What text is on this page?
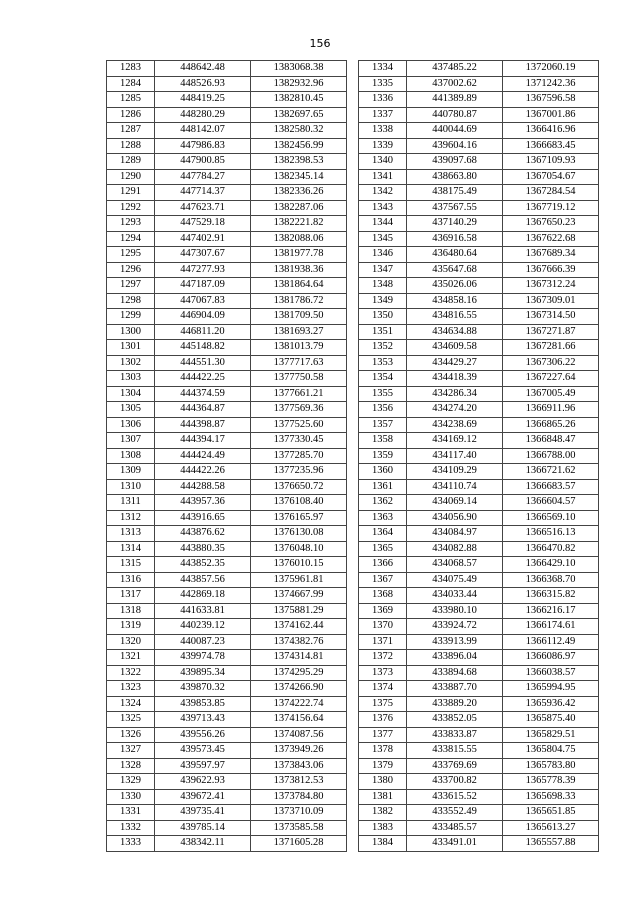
156
1283	448642.48	1383068.38
1284	448526.93	1382932.96
1285	448419.25	1382810.45
1286	448280.29	1382697.65
1287	448142.07	1382580.32
1288	447986.83	1382456.99
1289	447900.85	1382398.53
1290	447784.27	1382345.14
1291	447714.37	1382336.26
1292	447623.71	1382287.06
1293	447529.18	1382221.82
1294	447402.91	1382088.06
1295	447307.67	1381977.78
1296	447277.93	1381938.36
1297	447187.09	1381864.64
1298	447067.83	1381786.72
1299	446904.09	1381709.50
1300	446811.20	1381693.27
1301	445148.82	1381013.79
1302	444551.30	1377717.63
1303	444422.25	1377750.58
1304	444374.59	1377661.21
1305	444364.87	1377569.36
1306	444398.87	1377525.60
1307	444394.17	1377330.45
1308	444424.49	1377285.70
1309	444422.26	1377235.96
1310	444288.58	1376650.72
1311	443957.36	1376108.40
1312	443916.65	1376165.97
1313	443876.62	1376130.08
1314	443880.35	1376048.10
1315	443852.35	1376010.15
1316	443857.56	1375961.81
1317	442869.18	1374667.99
1318	441633.81	1375881.29
1319	440239.12	1374162.44
1320	440087.23	1374382.76
1321	439974.78	1374314.81
1322	439895.34	1374295.29
1323	439870.32	1374266.90
1324	439853.85	1374222.74
1325	439713.43	1374156.64
1326	439556.26	1374087.56
1327	439573.45	1373949.26
1328	439597.97	1373843.06
1329	439622.93	1373812.53
1330	439672.41	1373784.80
1331	439735.41	1373710.09
1332	439785.14	1373585.58
1333	438342.11	1371605.28
1334	437485.22	1372060.19
1335	437002.62	1371242.36
1336	441389.89	1367596.58
1337	440780.87	1367001.86
1338	440044.69	1366416.96
1339	439604.16	1366683.45
1340	439097.68	1367109.93
1341	438663.80	1367054.67
1342	438175.49	1367284.54
1343	437567.55	1367719.12
1344	437140.29	1367650.23
1345	436916.58	1367622.68
1346	436480.64	1367689.34
1347	435647.68	1367666.39
1348	435026.06	1367312.24
1349	434858.16	1367309.01
1350	434816.55	1367314.50
1351	434634.88	1367271.87
1352	434609.58	1367281.66
1353	434429.27	1367306.22
1354	434418.39	1367227.64
1355	434286.34	1367005.49
1356	434274.20	1366911.96
1357	434238.69	1366865.26
1358	434169.12	1366848.47
1359	434117.40	1366788.00
1360	434109.29	1366721.62
1361	434110.74	1366683.57
1362	434069.14	1366604.57
1363	434056.90	1366569.10
1364	434084.97	1366516.13
1365	434082.88	1366470.82
1366	434068.57	1366429.10
1367	434075.49	1366368.70
1368	434033.44	1366315.82
1369	433980.10	1366216.17
1370	433924.72	1366174.61
1371	433913.99	1366112.49
1372	433896.04	1366086.97
1373	433894.68	1366038.57
1374	433887.70	1365994.95
1375	433889.20	1365936.42
1376	433852.05	1365875.40
1377	433833.87	1365829.51
1378	433815.55	1365804.75
1379	433769.69	1365783.80
1380	433700.82	1365778.39
1381	433615.52	1365698.33
1382	433552.49	1365651.85
1383	433485.57	1365613.27
1384	433491.01	1365557.88
